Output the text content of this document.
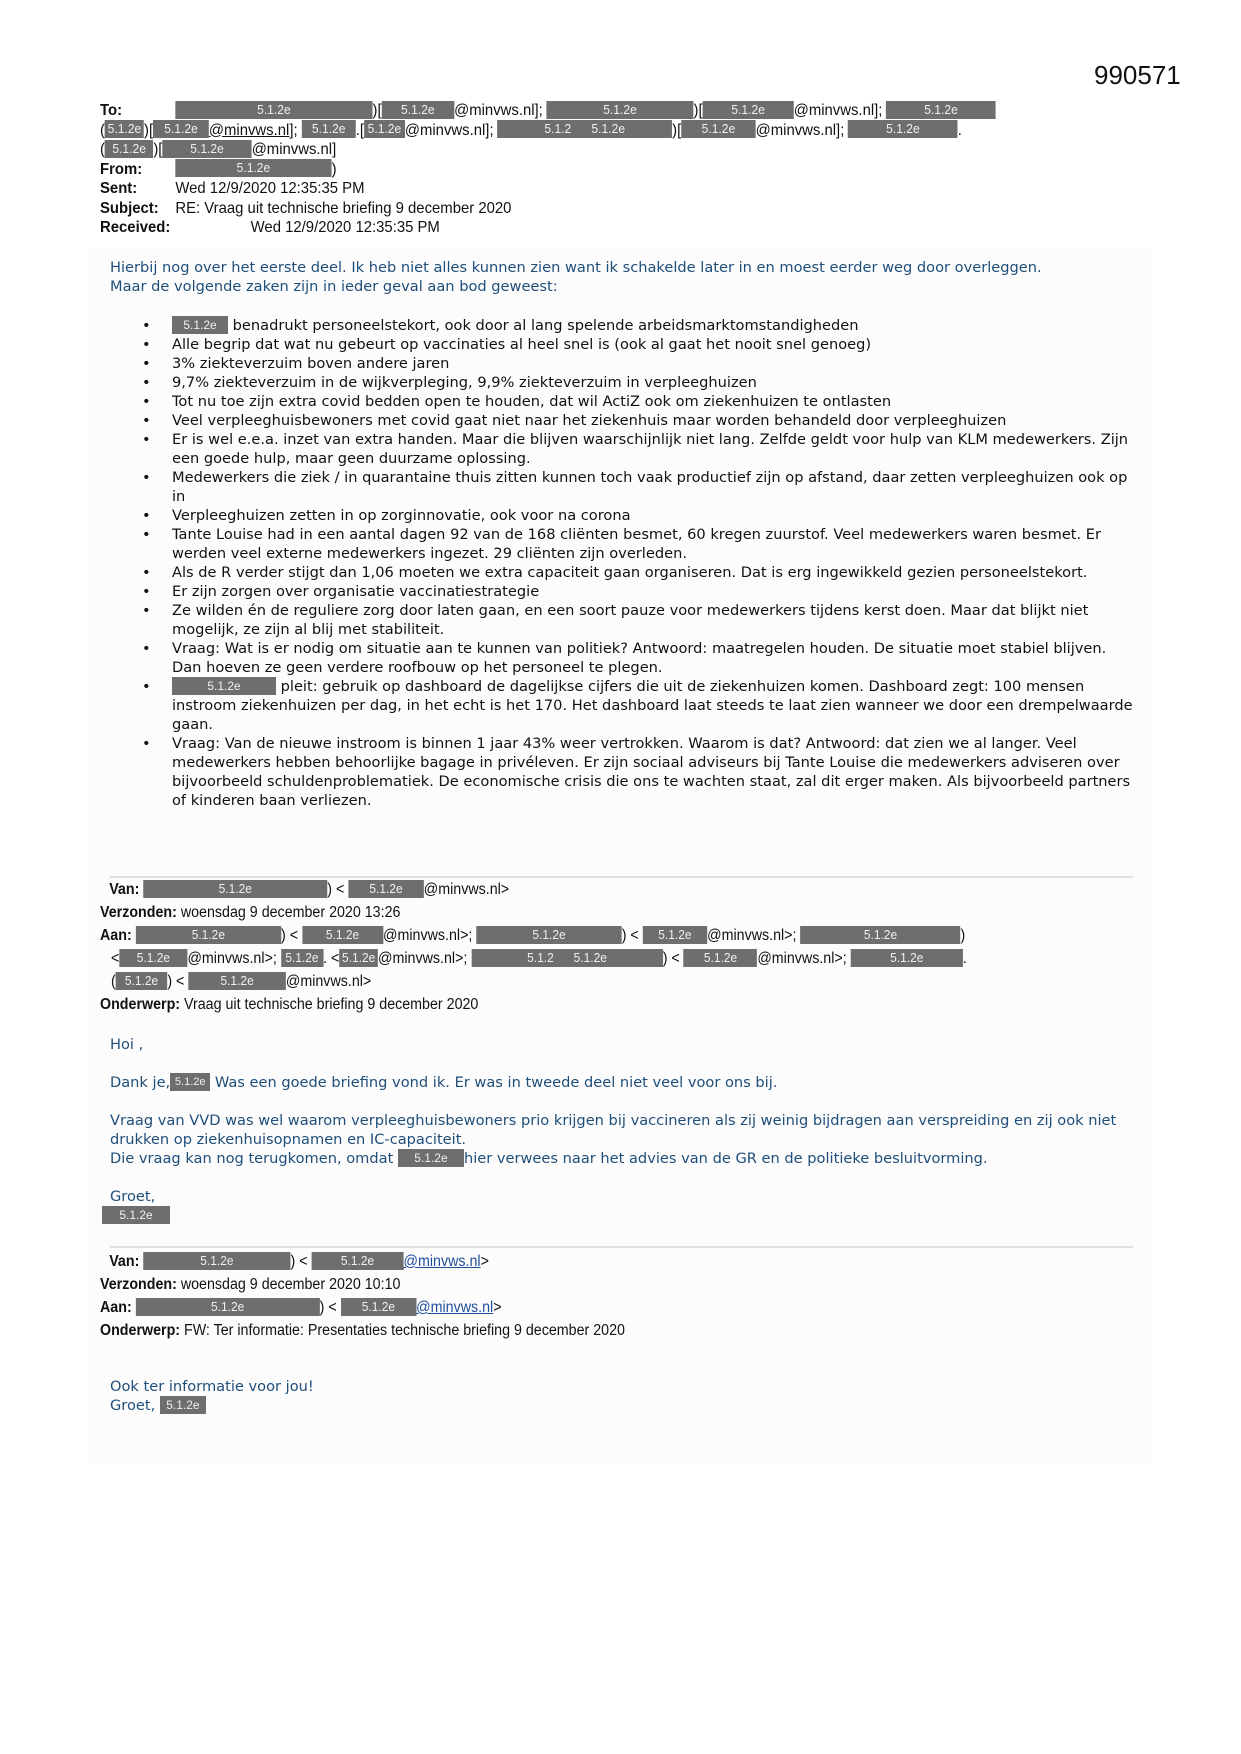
990571
To:	5.1.2e	)[ 5.1.2e @minvws.nl];	5.1.2e	)[ 5.1.2e @minvws.nl];	5.1.2e
( 5.1.2e )[ 5.1.2e @minvws.nl]; 5.1.2e .[ 5.1.2e @minvws.nl];	5.1.2 5.1.2e	)[ 5.1.2e @minvws.nl];	5.1.2e .
( 5.1.2e )[ 5.1.2e @minvws.nl]
From:	5.1.2e	)
Sent: Wed 12/9/2020 12:35:35 PM
Subject: RE: Vraag uit technische briefing 9 december 2020
Received:	Wed 12/9/2020 12:35:35 PM

Hierbij nog over het eerste deel. Ik heb niet alles kunnen zien want ik schakelde later in en moest eerder weg door overleggen.

Maar de volgende zaken zijn in ieder geval aan bod geweest:

• 5.1.2e benadrukt personeelstekort, ook door al lang spelende arbeidsmarktomstandigheden
• Alle begrip dat wat nu gebeurt op vaccinaties al heel snel is (ook al gaat het nooit snel genoeg)
• 3% ziekteverzuim boven andere jaren
• 9,7% ziekteverzuim in de wijkverpleging, 9,9% ziekteverzuim in verpleeghuizen
• Tot nu toe zijn extra covid bedden open te houden, dat wil ActiZ ook om ziekenhuizen te ontlasten
• Veel verpleeghuisbewoners met covid gaat niet naar het ziekenhuis maar worden behandeld door verpleeghuizen
• Er is wel e.e.a. inzet van extra handen. Maar die blijven waarschijnlijk niet lang. Zelfde geldt voor hulp van KLM medewerkers. Zijn een goede hulp, maar geen duurzame oplossing.
• Medewerkers die ziek / in quarantaine thuis zitten kunnen toch vaak productief zijn op afstand, daar zetten verpleeghuizen ook op in
• Verpleeghuizen zetten in op zorginnovatie, ook voor na corona
• Tante Louise had in een aantal dagen 92 van de 168 cliënten besmet, 60 kregen zuurstof. Veel medewerkers waren besmet. Er werden veel externe medewerkers ingezet. 29 cliënten zijn overleden.
• Als de R verder stijgt dan 1,06 moeten we extra capaciteit gaan organiseren. Dat is erg ingewikkeld gezien personeelstekort.
• Er zijn zorgen over organisatie vaccinatiestrategie
• Ze wilden én de reguliere zorg door laten gaan, en een soort pauze voor medewerkers tijdens kerst doen. Maar dat blijkt niet mogelijk, ze zijn al blij met stabiliteit.
• Vraag: Wat is er nodig om situatie aan te kunnen van politiek? Antwoord: maatregelen houden. De situatie moet stabiel blijven. Dan hoeven ze geen verdere roofbouw op het personeel te plegen.
• 5.1.2e pleit: gebruik op dashboard de dagelijkse cijfers die uit de ziekenhuizen komen. Dashboard zegt: 100 mensen instroom ziekenhuizen per dag, in het echt is het 170. Het dashboard laat steeds te laat zien wanneer we door een drempelwaarde gaan.
• Vraag: Van de nieuwe instroom is binnen 1 jaar 43% weer vertrokken. Waarom is dat? Antwoord: dat zien we al langer. Veel medewerkers hebben behoorlijke bagage in privéleven. Er zijn sociaal adviseurs bij Tante Louise die medewerkers adviseren over bijvoorbeeld schuldenproblematiek. De economische crisis die ons te wachten staat, zal dit erger maken. Als bijvoorbeeld partners of kinderen baan verliezen.
Van:	5.1.2e	) < 5.1.2e @minvws.nl>
Verzonden: woensdag 9 december 2020 13:26
Aan:	5.1.2e	) < 5.1.2e @minvws.nl>;	5.1.2e	) < 5.1.2e @minvws.nl>;	5.1.2e	)
< 5.1.2e @minvws.nl>; 5.1.2e . < 5.1.2e @minvws.nl>;	5.1.2 5.1.2e	) < 5.1.2e @minvws.nl>;	5.1.2e	.
( 5.1.2e ) <	5.1.2e @minvws.nl>
Onderwerp: Vraag uit technische briefing 9 december 2020

Hoi ,

Dank je, 5.1.2e Was een goede briefing vond ik. Er was in tweede deel niet veel voor ons bij.

Vraag van VVD was wel waarom verpleeghuisbewoners prio krijgen bij vaccineren als zij weinig bijdragen aan verspreiding en zij ook niet drukken op ziekenhuisopnamen en IC-capaciteit.

Die vraag kan nog terugkomen, omdat 5.1.2e hier verwees naar het advies van de GR en de politieke besluitvorming.

Groet,

5.1.2e

Van:	5.1.2e	) <	5.1.2e @minvws.nl>
Verzonden: woensdag 9 december 2020 10:10
Aan:	5.1.2e	) < 5.1.2e @minvws.nl>
Onderwerp: FW: Ter informatie: Presentaties technische briefing 9 december 2020

Ook ter informatie voor jou!

Groet, 5.1.2e
